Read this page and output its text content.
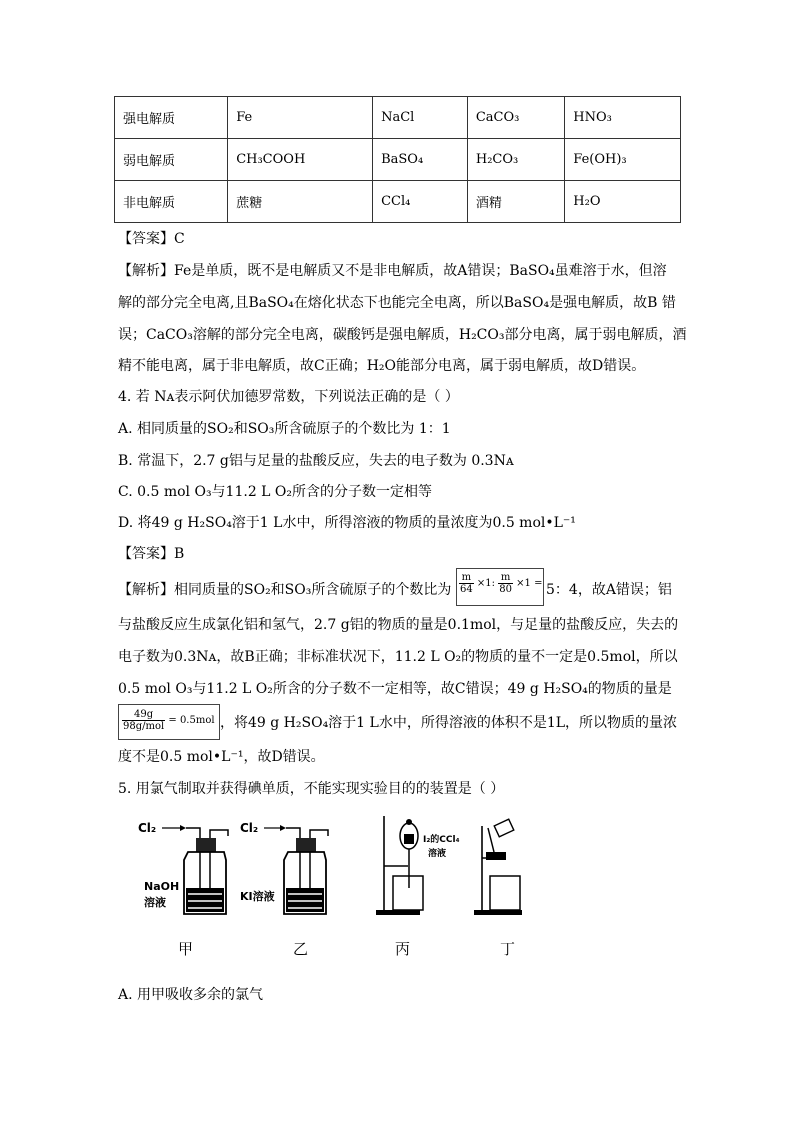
强电解质	Fe	NaCl	CaCO₃	HNO₃
弱电解质	CH₃COOH	BaSO₄	H₂CO₃	Fe(OH)₃
非电解质	蔗糖	CCl₄	酒精	H₂O
【答案】C
【解析】Fe是单质，既不是电解质又不是非电解质，故A错误；BaSO₄虽难溶于水，但溶
解的部分完全电离,且BaSO₄在熔化状态下也能完全电离，所以BaSO₄是强电解质，故B 错
误；CaCO₃溶解的部分完全电离，碳酸钙是强电解质，H₂CO₃部分电离，属于弱电解质，酒
精不能电离，属于非电解质，故C正确；H₂O能部分电离，属于弱电解质，故D错误。
4. 若 Nᴀ表示阿伏加德罗常数，下列说法正确的是（ ）
A. 相同质量的SO₂和SO₃所含硫原子的个数比为 1：1
B. 常温下，2.7 g铝与足量的盐酸反应，失去的电子数为 0.3Nᴀ
C. 0.5 mol O₃与11.2 L O₂所含的分子数一定相等
D. 将49 g H₂SO₄溶于1 L水中，所得溶液的物质的量浓度为0.5 mol•L⁻¹
【答案】B
【解析】相同质量的SO₂和SO₃所含硫原子的个数比为 $\frac{m}{64} \times 1$: $\frac{m}{80} \times 1 = 5$：4，故A错误；铝
与盐酸反应生成氯化铝和氢气，2.7 g铝的物质的量是0.1mol，与足量的盐酸反应，失去的
电子数为0.3Nᴀ，故B正确；非标准状况下，11.2 L O₂的物质的量不一定是0.5mol，所以
0.5 mol O₃与11.2 L O₂所含的分子数不一定相等，故C错误；49 g H₂SO₄的物质的量是
$\frac{49g}{\text{98g/mol}} = 0.5mol$ ，将49 g H₂SO₄溶于1 L水中，所得溶液的体积不是1L，所以物质的量浓
度不是0.5 mol•L⁻¹，故D错误。
5. 用氯气制取并获得碘单质，不能实现实验目的的装置是（ ）
Cl₂
NaOH
溶液
甲
Cl₂
KI溶液
乙
I₂的CCl₄
溶液
丙	丁
A. 用甲吸收多余的氯气
